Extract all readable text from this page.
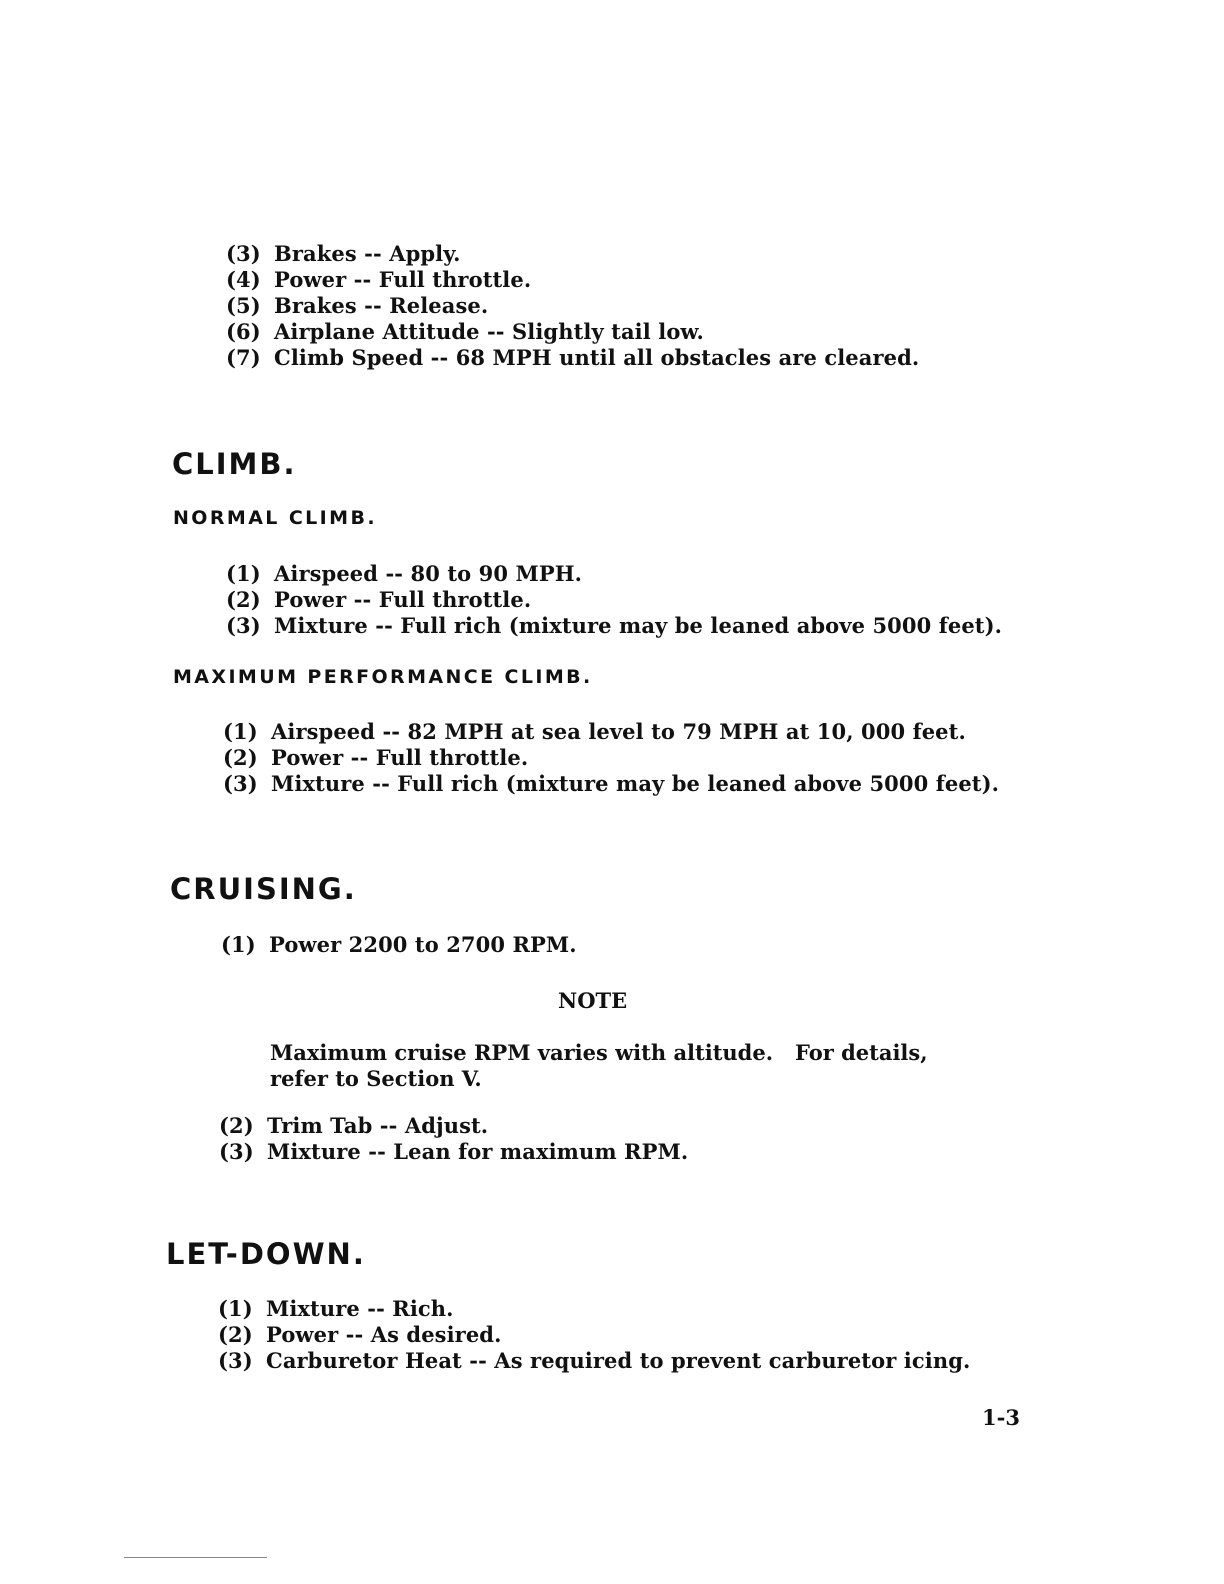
(3) Brakes -- Apply.
(4) Power -- Full throttle.
(5) Brakes -- Release.
(6) Airplane Attitude -- Slightly tail low.
(7) Climb Speed -- 68 MPH until all obstacles are cleared.
CLIMB.
NORMAL CLIMB.
(1) Airspeed -- 80 to 90 MPH.
(2) Power -- Full throttle.
(3) Mixture -- Full rich (mixture may be leaned above 5000 feet).
MAXIMUM PERFORMANCE CLIMB.
(1) Airspeed -- 82 MPH at sea level to 79 MPH at 10, 000 feet.
(2) Power -- Full throttle.
(3) Mixture -- Full rich (mixture may be leaned above 5000 feet).
CRUISING.
(1) Power 2200 to 2700 RPM.
NOTE
Maximum cruise RPM varies with altitude.   For details,
refer to Section V.
(2) Trim Tab -- Adjust.
(3) Mixture -- Lean for maximum RPM.
LET-DOWN.
(1) Mixture -- Rich.
(2) Power -- As desired.
(3) Carburetor Heat -- As required to prevent carburetor icing.
1-3
